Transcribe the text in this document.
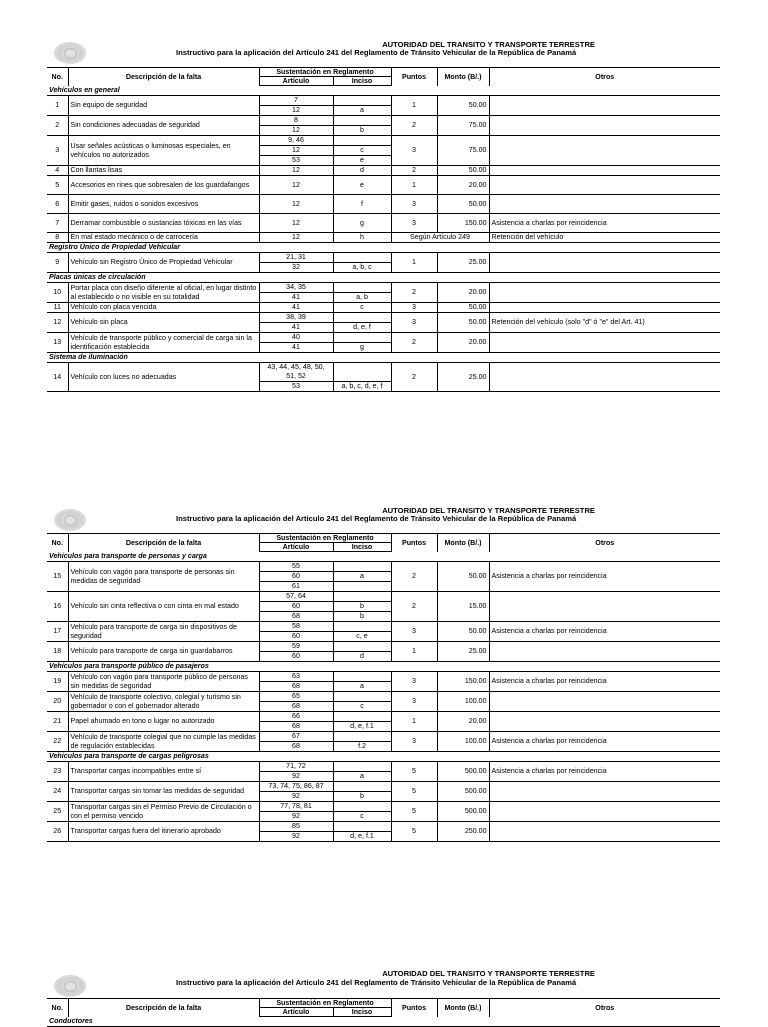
AUTORIDAD DEL TRANSITO Y TRANSPORTE TERRESTRE
Instructivo para la aplicación del Artículo 241 del Reglamento de Tránsito Vehicular de la República de Panamá
No.	Descripción de la falta	Sustentación en Reglamento		Puntos	Monto (B/.)	Otros
		Artículo	Inciso			
Vehículos en general						
1	Sin equipo de seguridad	7		1	50.00	
		12	a			
2	Sin condiciones adecuadas de seguridad	8		2	75.00	
		12	b			
3	Usar señales acústicas o luminosas especiales, en vehículos no autorizados	9, 46		3	75.00	
		12	c			
		53	e			
4	Con llantas lisas	12	d	2	50.00	
5	Accesorios en rines que sobresalen de los guardafangos	12	e	1	20.00	
6	Emitir gases, ruidos o sonidos excesivos	12	f	3	50.00	
7	Derramar combustible o sustancias tóxicas en las vías	12	g	3	150.00	Asistencia a charlas por reincidencia
8	En mal estado mecánico o de carrocería	12	h	Según Artículo 249		Retención del vehículo
Registro Único de Propiedad Vehicular						
9	Vehículo sin Registro Único de Propiedad Vehicular	21, 31		1	25.00	
		32	a, b, c			
Placas únicas de circulación						
10	Portar placa con diseño diferente al oficial, en lugar distinto al establecido o no visible en su totalidad	34, 35		2	20.00	
		41	a, b			
11	Vehículo con placa vencida	41	c	3	50.00	
12	Vehículo sin placa	38, 39		3	50.00	Retención del vehículo (solo "d" ó "e" del Art. 41)
		41	d, e, f			
13	Vehículo de transporte público y comercial de carga sin la identificación establecida	40		2	20.00	
		41	g			
Sistema de iluminación						
14	Vehículo con luces no adecuadas	43, 44, 45, 48, 50, 51, 52		2	25.00	
		53	a, b, c, d, e, f			
AUTORIDAD DEL TRANSITO Y TRANSPORTE TERRESTRE
Instructivo para la aplicación del Artículo 241 del Reglamento de Tránsito Vehicular de la República de Panamá
No.	Descripción de la falta	Sustentación en Reglamento		Puntos	Monto (B/.)	Otros
		Artículo	Inciso			
Vehículos para transporte de personas y carga						
15	Vehículo con vagón para transporte de personas sin medidas de seguridad	55		2	50.00	Asistencia a charlas por reincidencia
		60	a			
		61				
16	Vehículo sin cinta reflectiva o con cinta en mal estado	57, 64		2	15.00	
		60	b			
		68	b			
17	Vehículo para transporte de carga sin dispositivos de seguridad	58		3	50.00	Asistencia a charlas por reincidencia
		60	c, e			
18	Vehículo para transporte de carga sin guardabarros	59		1	25.00	
		60	d			
Vehículos para transporte público de pasajeros						
19	Vehículo con vagón para transporte público de personas sin medidas de seguridad	63		3	150.00	Asistencia a charlas por reincidencia
		68	a			
20	Vehículo de transporte colectivo, colegial y turismo sin gobernador o con el gobernador alterado	65		3	100.00	
		68	c			
21	Papel ahumado en tono o lugar no autorizado	66		1	20.00	
		68	d, e, f.1			
22	Vehículo de transporte colegial que no cumple las medidas de regulación establecidas	67		3	100.00	Asistencia a charlas por reincidencia
		68	f.2			
Vehículos para transporte de cargas peligrosas						
23	Transportar cargas incompatibles entre sí	71, 72		5	500.00	Asistencia a charlas por reincidencia
		92	a			
24	Transportar cargas sin tomar las medidas de seguridad	73, 74, 75, 86, 87		5	500.00	
		92	b			
25	Transportar cargas sin el Permiso Previo de Circulación o con el permiso vencido	77, 78, 81		5	500.00	
		92	c			
26	Transportar cargas fuera del itinerario aprobado	85		5	250.00	
		92	d, e, f.1			
AUTORIDAD DEL TRANSITO Y TRANSPORTE TERRESTRE
Instructivo para la aplicación del Artículo 241 del Reglamento de Tránsito Vehicular de la República de Panamá
No.	Descripción de la falta	Sustentación en Reglamento		Puntos	Monto (B/.)	Otros
		Artículo	Inciso			
Conductores						
